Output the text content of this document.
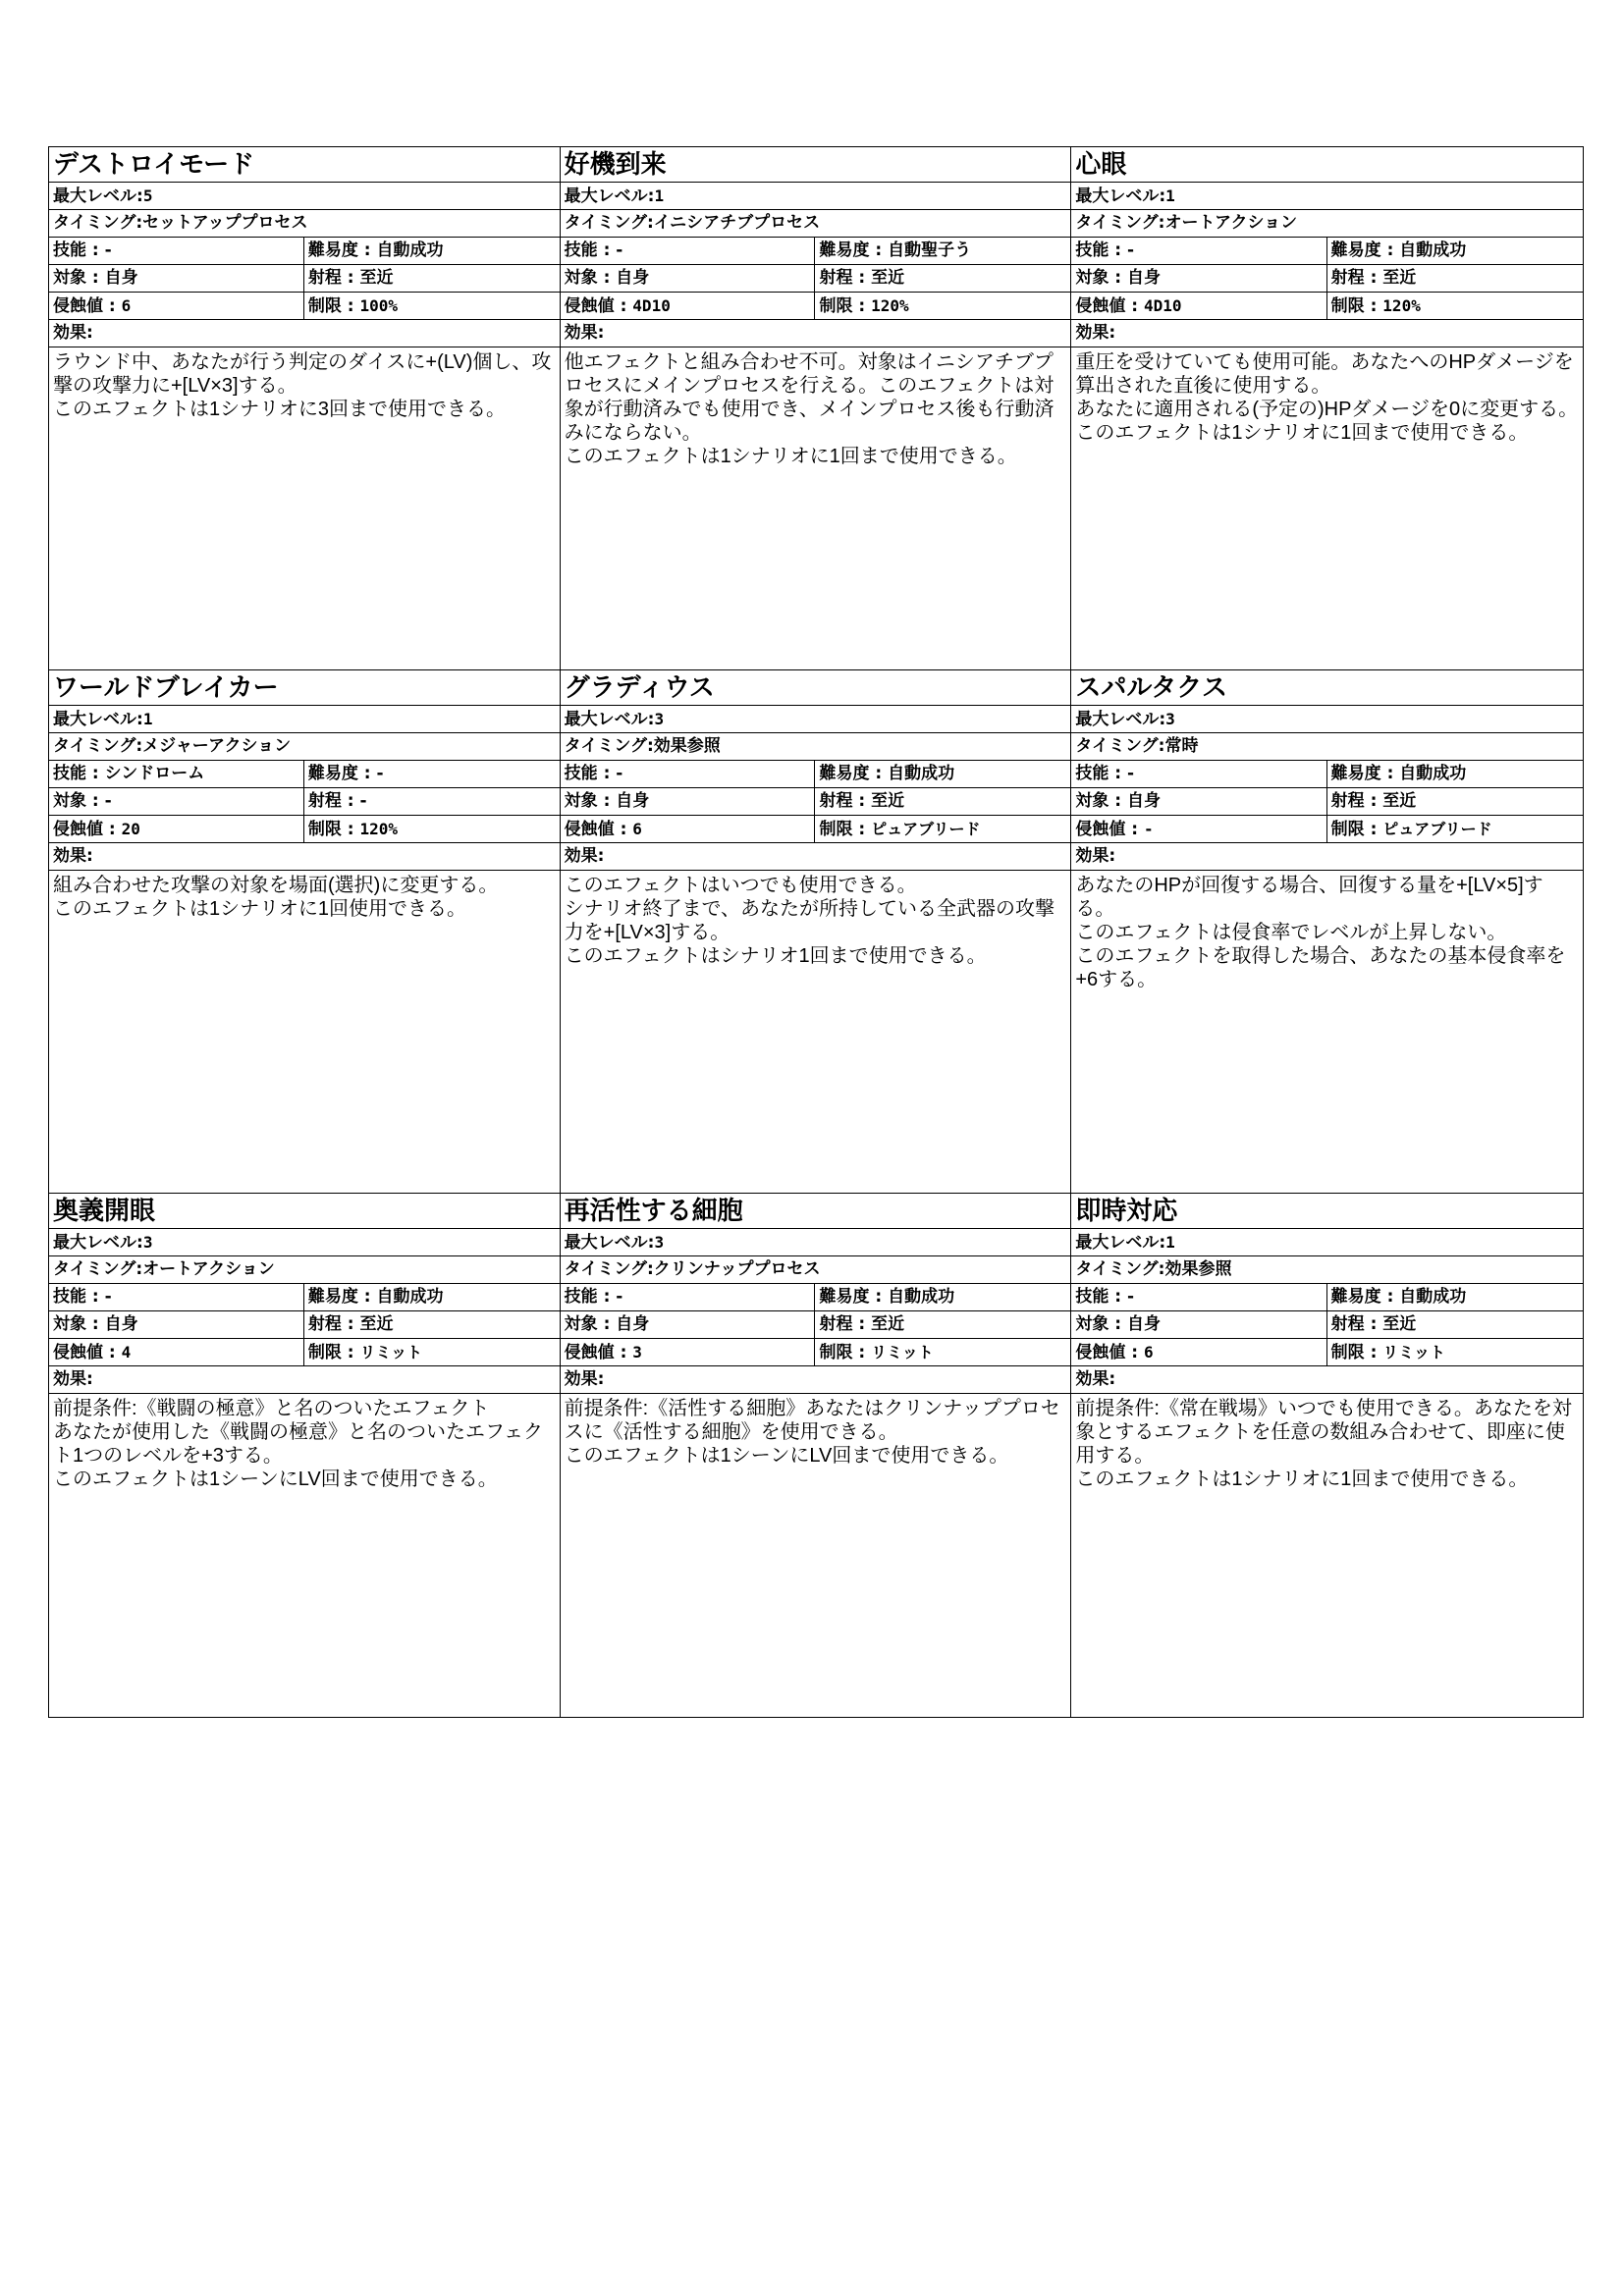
デストロイモード
最大レベル:5
タイミング:セットアッププロセス
技能 : -	難易度 : 自動成功
対象 : 自身	射程 : 至近
侵蝕値 : 6	制限 : 100%
効果:
ラウンド中、あなたが行う判定のダイスに+(LV)個し、攻撃の攻撃力に+[LV×3]する。
このエフェクトは1シナリオに3回まで使用できる。
好機到来
最大レベル:1
タイミング:イニシアチブプロセス
技能 : -	難易度 : 自動聖子う
対象 : 自身	射程 : 至近
侵蝕値 : 4D10	制限 : 120%
効果:
他エフェクトと組み合わせ不可。対象はイニシアチブプロセスにメインプロセスを行える。このエフェクトは対象が行動済みでも使用でき、メインプロセス後も行動済みにならない。
このエフェクトは1シナリオに1回まで使用できる。
心眼
最大レベル:1
タイミング:オートアクション
技能 : -	難易度 : 自動成功
対象 : 自身	射程 : 至近
侵蝕値 : 4D10	制限 : 120%
効果:
重圧を受けていても使用可能。あなたへのHPダメージを算出された直後に使用する。
あなたに適用される(予定の)HPダメージを0に変更する。
このエフェクトは1シナリオに1回まで使用できる。
ワールドブレイカー
最大レベル:1
タイミング:メジャーアクション
技能 : シンドローム	難易度 : -
対象 : -	射程 : -
侵蝕値 : 20	制限 : 120%
効果:
組み合わせた攻撃の対象を場面(選択)に変更する。
このエフェクトは1シナリオに1回使用できる。
グラディウス
最大レベル:3
タイミング:効果参照
技能 : -	難易度 : 自動成功
対象 : 自身	射程 : 至近
侵蝕値 : 6	制限 : ピュアブリード
効果:
このエフェクトはいつでも使用できる。
シナリオ終了まで、あなたが所持している全武器の攻撃力を+[LV×3]する。
このエフェクトはシナリオ1回まで使用できる。
スパルタクス
最大レベル:3
タイミング:常時
技能 : -	難易度 : 自動成功
対象 : 自身	射程 : 至近
侵蝕値 : -	制限 : ピュアブリード
効果:
あなたのHPが回復する場合、回復する量を+[LV×5]する。
このエフェクトは侵食率でレベルが上昇しない。
このエフェクトを取得した場合、あなたの基本侵食率を+6する。
奥義開眼
最大レベル:3
タイミング:オートアクション
技能 : -	難易度 : 自動成功
対象 : 自身	射程 : 至近
侵蝕値 : 4	制限 : リミット
効果:
前提条件:《戦闘の極意》と名のついたエフェクト
あなたが使用した《戦闘の極意》と名のついたエフェクト1つのレベルを+3する。
このエフェクトは1シーンにLV回まで使用できる。
再活性する細胞
最大レベル:3
タイミング:クリンナッププロセス
技能 : -	難易度 : 自動成功
対象 : 自身	射程 : 至近
侵蝕値 : 3	制限 : リミット
効果:
前提条件:《活性する細胞》あなたはクリンナッププロセスに《活性する細胞》を使用できる。
このエフェクトは1シーンにLV回まで使用できる。
即時対応
最大レベル:1
タイミング:効果参照
技能 : -	難易度 : 自動成功
対象 : 自身	射程 : 至近
侵蝕値 : 6	制限 : リミット
効果:
前提条件:《常在戦場》いつでも使用できる。あなたを対象とするエフェクトを任意の数組み合わせて、即座に使用する。
このエフェクトは1シナリオに1回まで使用できる。
